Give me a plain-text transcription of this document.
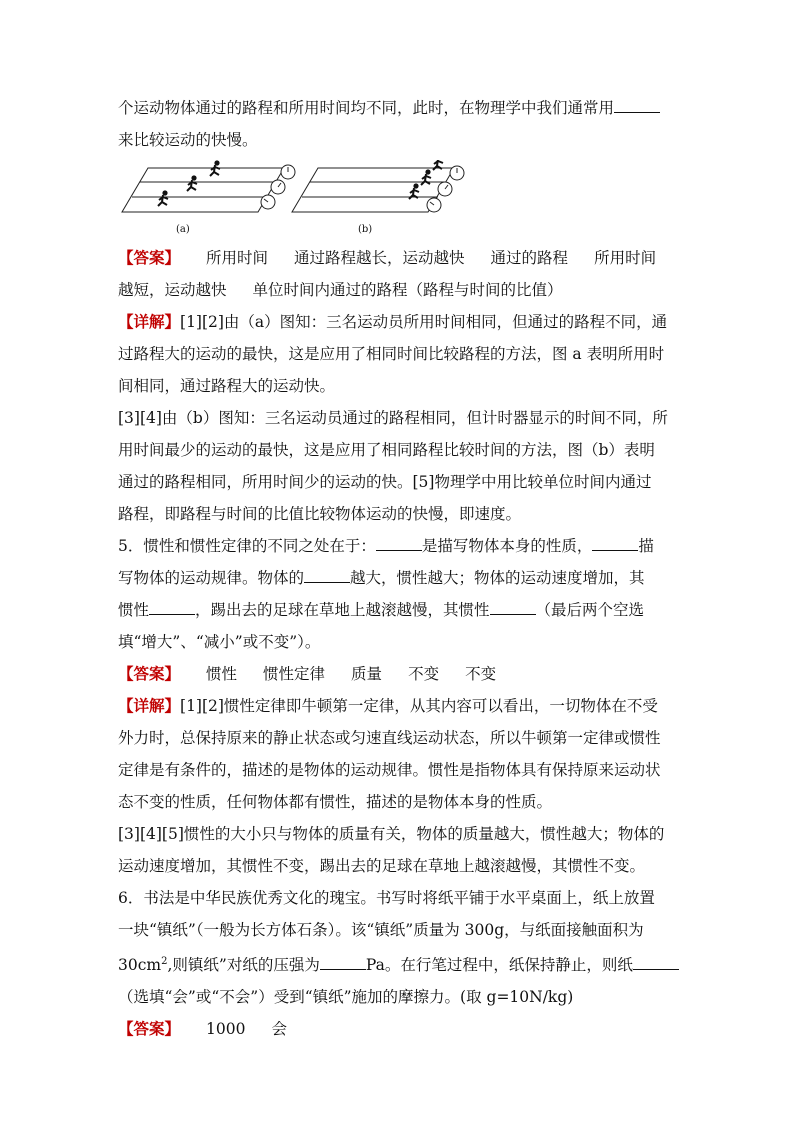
个运动物体通过的路程和所用时间均不同，此时，在物理学中我们通常用
来比较运动的快慢。
(a)	(b)
【答案】 所用时间 通过路程越长，运动越快 通过的路程 所用时间
越短，运动越快 单位时间内通过的路程（路程与时间的比值）
【详解】[1][2]由（a）图知：三名运动员所用时间相同，但通过的路程不同，通
过路程大的运动的最快，这是应用了相同时间比较路程的方法，图 a 表明所用时
间相同，通过路程大的运动快。
[3][4]由（b）图知：三名运动员通过的路程相同，但计时器显示的时间不同，所
用时间最少的运动的最快，这是应用了相同路程比较时间的方法，图（b）表明
通过的路程相同，所用时间少的运动的快。[5]物理学中用比较单位时间内通过
路程，即路程与时间的比值比较物体运动的快慢，即速度。
5．惯性和惯性定律的不同之处在于：	是描写物体本身的性质，	描
写物体的运动规律。物体的	越大，惯性越大；物体的运动速度增加，其
惯性	，踢出去的足球在草地上越滚越慢，其惯性	（最后两个空选
填“增大”、“减小”或不变”）。
【答案】 惯性 惯性定律 质量 不变 不变
【详解】[1][2]惯性定律即牛顿第一定律，从其内容可以看出，一切物体在不受
外力时，总保持原来的静止状态或匀速直线运动状态，所以牛顿第一定律或惯性
定律是有条件的，描述的是物体的运动规律。惯性是指物体具有保持原来运动状
态不变的性质，任何物体都有惯性，描述的是物体本身的性质。
[3][4][5]惯性的大小只与物体的质量有关，物体的质量越大，惯性越大；物体的
运动速度增加，其惯性不变，踢出去的足球在草地上越滚越慢，其惯性不变。
6．书法是中华民族优秀文化的瑰宝。书写时将纸平铺于水平桌面上，纸上放置
一块“镇纸”（一般为长方体石条）。该“镇纸”质量为 300g，与纸面接触面积为
$30cm^2$,则镇纸”对纸的压强为	Pa。在行笔过程中，纸保持静止，则纸
（选填“会”或“不会”）受到“镇纸”施加的摩擦力。(取 g=10N/kg)
【答案】 1000 会
